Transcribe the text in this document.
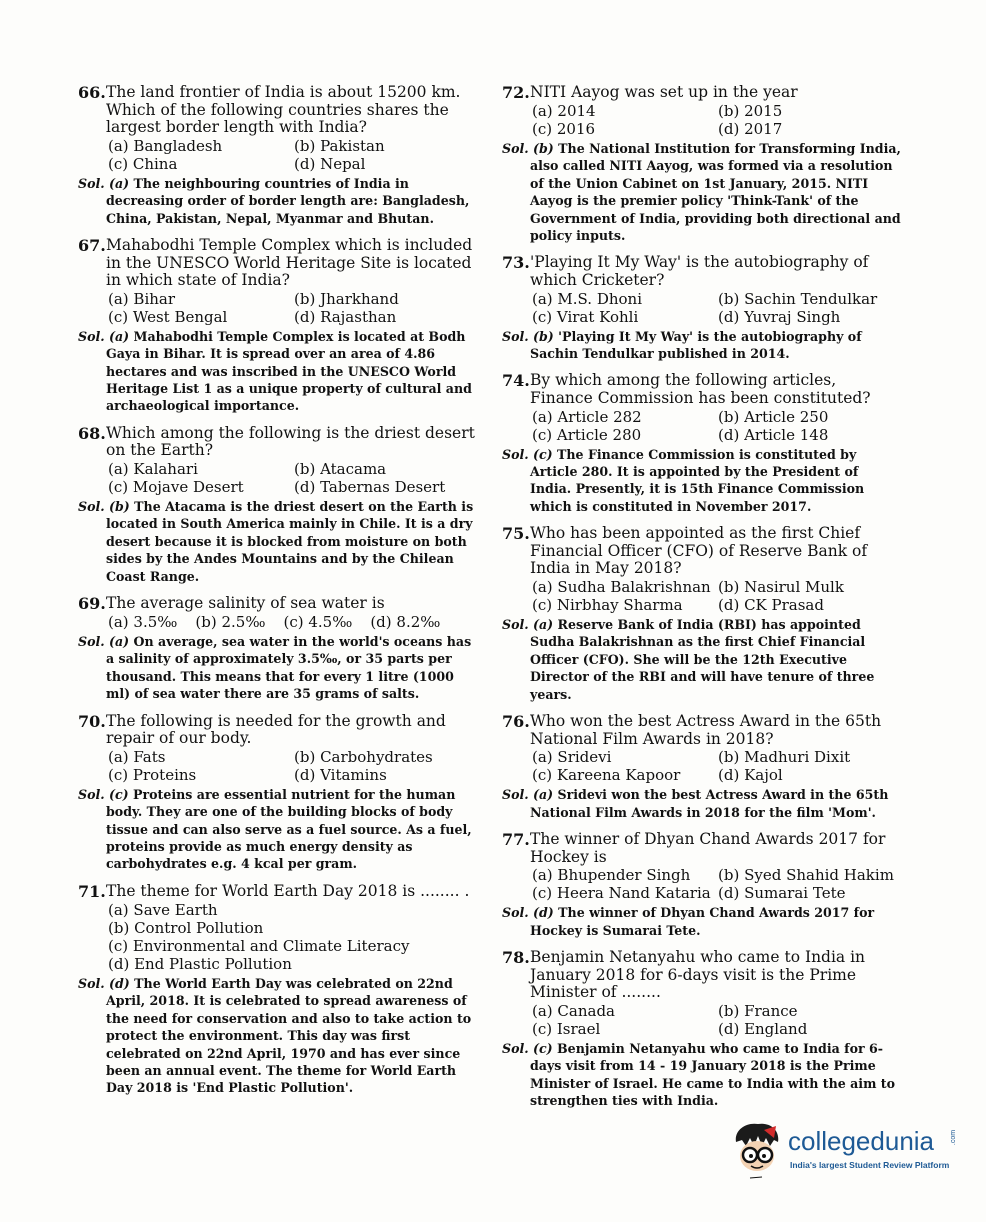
66. The land frontier of India is about 15200 km. Which of the following countries shares the largest border length with India?
(a) Bangladesh	(b) Pakistan
(c) China	(d) Nepal
Sol. (a) The neighbouring countries of India in decreasing order of border length are: Bangladesh, China, Pakistan, Nepal, Myanmar and Bhutan.
67. Mahabodhi Temple Complex which is included in the UNESCO World Heritage Site is located in which state of India?
(a) Bihar	(b) Jharkhand
(c) West Bengal	(d) Rajasthan
Sol. (a) Mahabodhi Temple Complex is located at Bodh Gaya in Bihar. It is spread over an area of 4.86 hectares and was inscribed in the UNESCO World Heritage List 1 as a unique property of cultural and archaeological importance.
68. Which among the following is the driest desert on the Earth?
(a) Kalahari	(b) Atacama
(c) Mojave Desert	(d) Tabernas Desert
Sol. (b) The Atacama is the driest desert on the Earth is located in South America mainly in Chile. It is a dry desert because it is blocked from moisture on both sides by the Andes Mountains and by the Chilean Coast Range.
69. The average salinity of sea water is
(a) 3.5‰ (b) 2.5‰ (c) 4.5‰ (d) 8.2‰
Sol. (a) On average, sea water in the world's oceans has a salinity of approximately 3.5‰, or 35 parts per thousand. This means that for every 1 litre (1000 ml) of sea water there are 35 grams of salts.
70. The following is needed for the growth and repair of our body.
(a) Fats	(b) Carbohydrates
(c) Proteins	(d) Vitamins
Sol. (c) Proteins are essential nutrient for the human body. They are one of the building blocks of body tissue and can also serve as a fuel source. As a fuel, proteins provide as much energy density as carbohydrates e.g. 4 kcal per gram.
71. The theme for World Earth Day 2018 is ........ .
(a) Save Earth
(b) Control Pollution
(c) Environmental and Climate Literacy
(d) End Plastic Pollution
Sol. (d) The World Earth Day was celebrated on 22nd April, 2018. It is celebrated to spread awareness of the need for conservation and also to take action to protect the environment. This day was first celebrated on 22nd April, 1970 and has ever since been an annual event. The theme for World Earth Day 2018 is 'End Plastic Pollution'.
72. NITI Aayog was set up in the year
(a) 2014	(b) 2015
(c) 2016	(d) 2017
Sol. (b) The National Institution for Transforming India, also called NITI Aayog, was formed via a resolution of the Union Cabinet on 1st January, 2015. NITI Aayog is the premier policy 'Think-Tank' of the Government of India, providing both directional and policy inputs.
73. 'Playing It My Way' is the autobiography of which Cricketer?
(a) M.S. Dhoni	(b) Sachin Tendulkar
(c) Virat Kohli	(d) Yuvraj Singh
Sol. (b) 'Playing It My Way' is the autobiography of Sachin Tendulkar published in 2014.
74. By which among the following articles, Finance Commission has been constituted?
(a) Article 282	(b) Article 250
(c) Article 280	(d) Article 148
Sol. (c) The Finance Commission is constituted by Article 280. It is appointed by the President of India. Presently, it is 15th Finance Commission which is constituted in November 2017.
75. Who has been appointed as the first Chief Financial Officer (CFO) of Reserve Bank of India in May 2018?
(a) Sudha Balakrishnan (b) Nasirul Mulk
(c) Nirbhay Sharma	(d) CK Prasad
Sol. (a) Reserve Bank of India (RBI) has appointed Sudha Balakrishnan as the first Chief Financial Officer (CFO). She will be the 12th Executive Director of the RBI and will have tenure of three years.
76. Who won the best Actress Award in the 65th National Film Awards in 2018?
(a) Sridevi	(b) Madhuri Dixit
(c) Kareena Kapoor	(d) Kajol
Sol. (a) Sridevi won the best Actress Award in the 65th National Film Awards in 2018 for the film 'Mom'.
77. The winner of Dhyan Chand Awards 2017 for Hockey is
(a) Bhupender Singh	(b) Syed Shahid Hakim
(c) Heera Nand Kataria (d) Sumarai Tete
Sol. (d) The winner of Dhyan Chand Awards 2017 for Hockey is Sumarai Tete.
78. Benjamin Netanyahu who came to India in January 2018 for 6-days visit is the Prime Minister of ........
(a) Canada	(b) France
(c) Israel	(d) England
Sol. (c) Benjamin Netanyahu who came to India for 6-days visit from 14 - 19 January 2018 is the Prime Minister of Israel. He came to India with the aim to strengthen ties with India.
collegedunia .com
India's largest Student Review Platform
